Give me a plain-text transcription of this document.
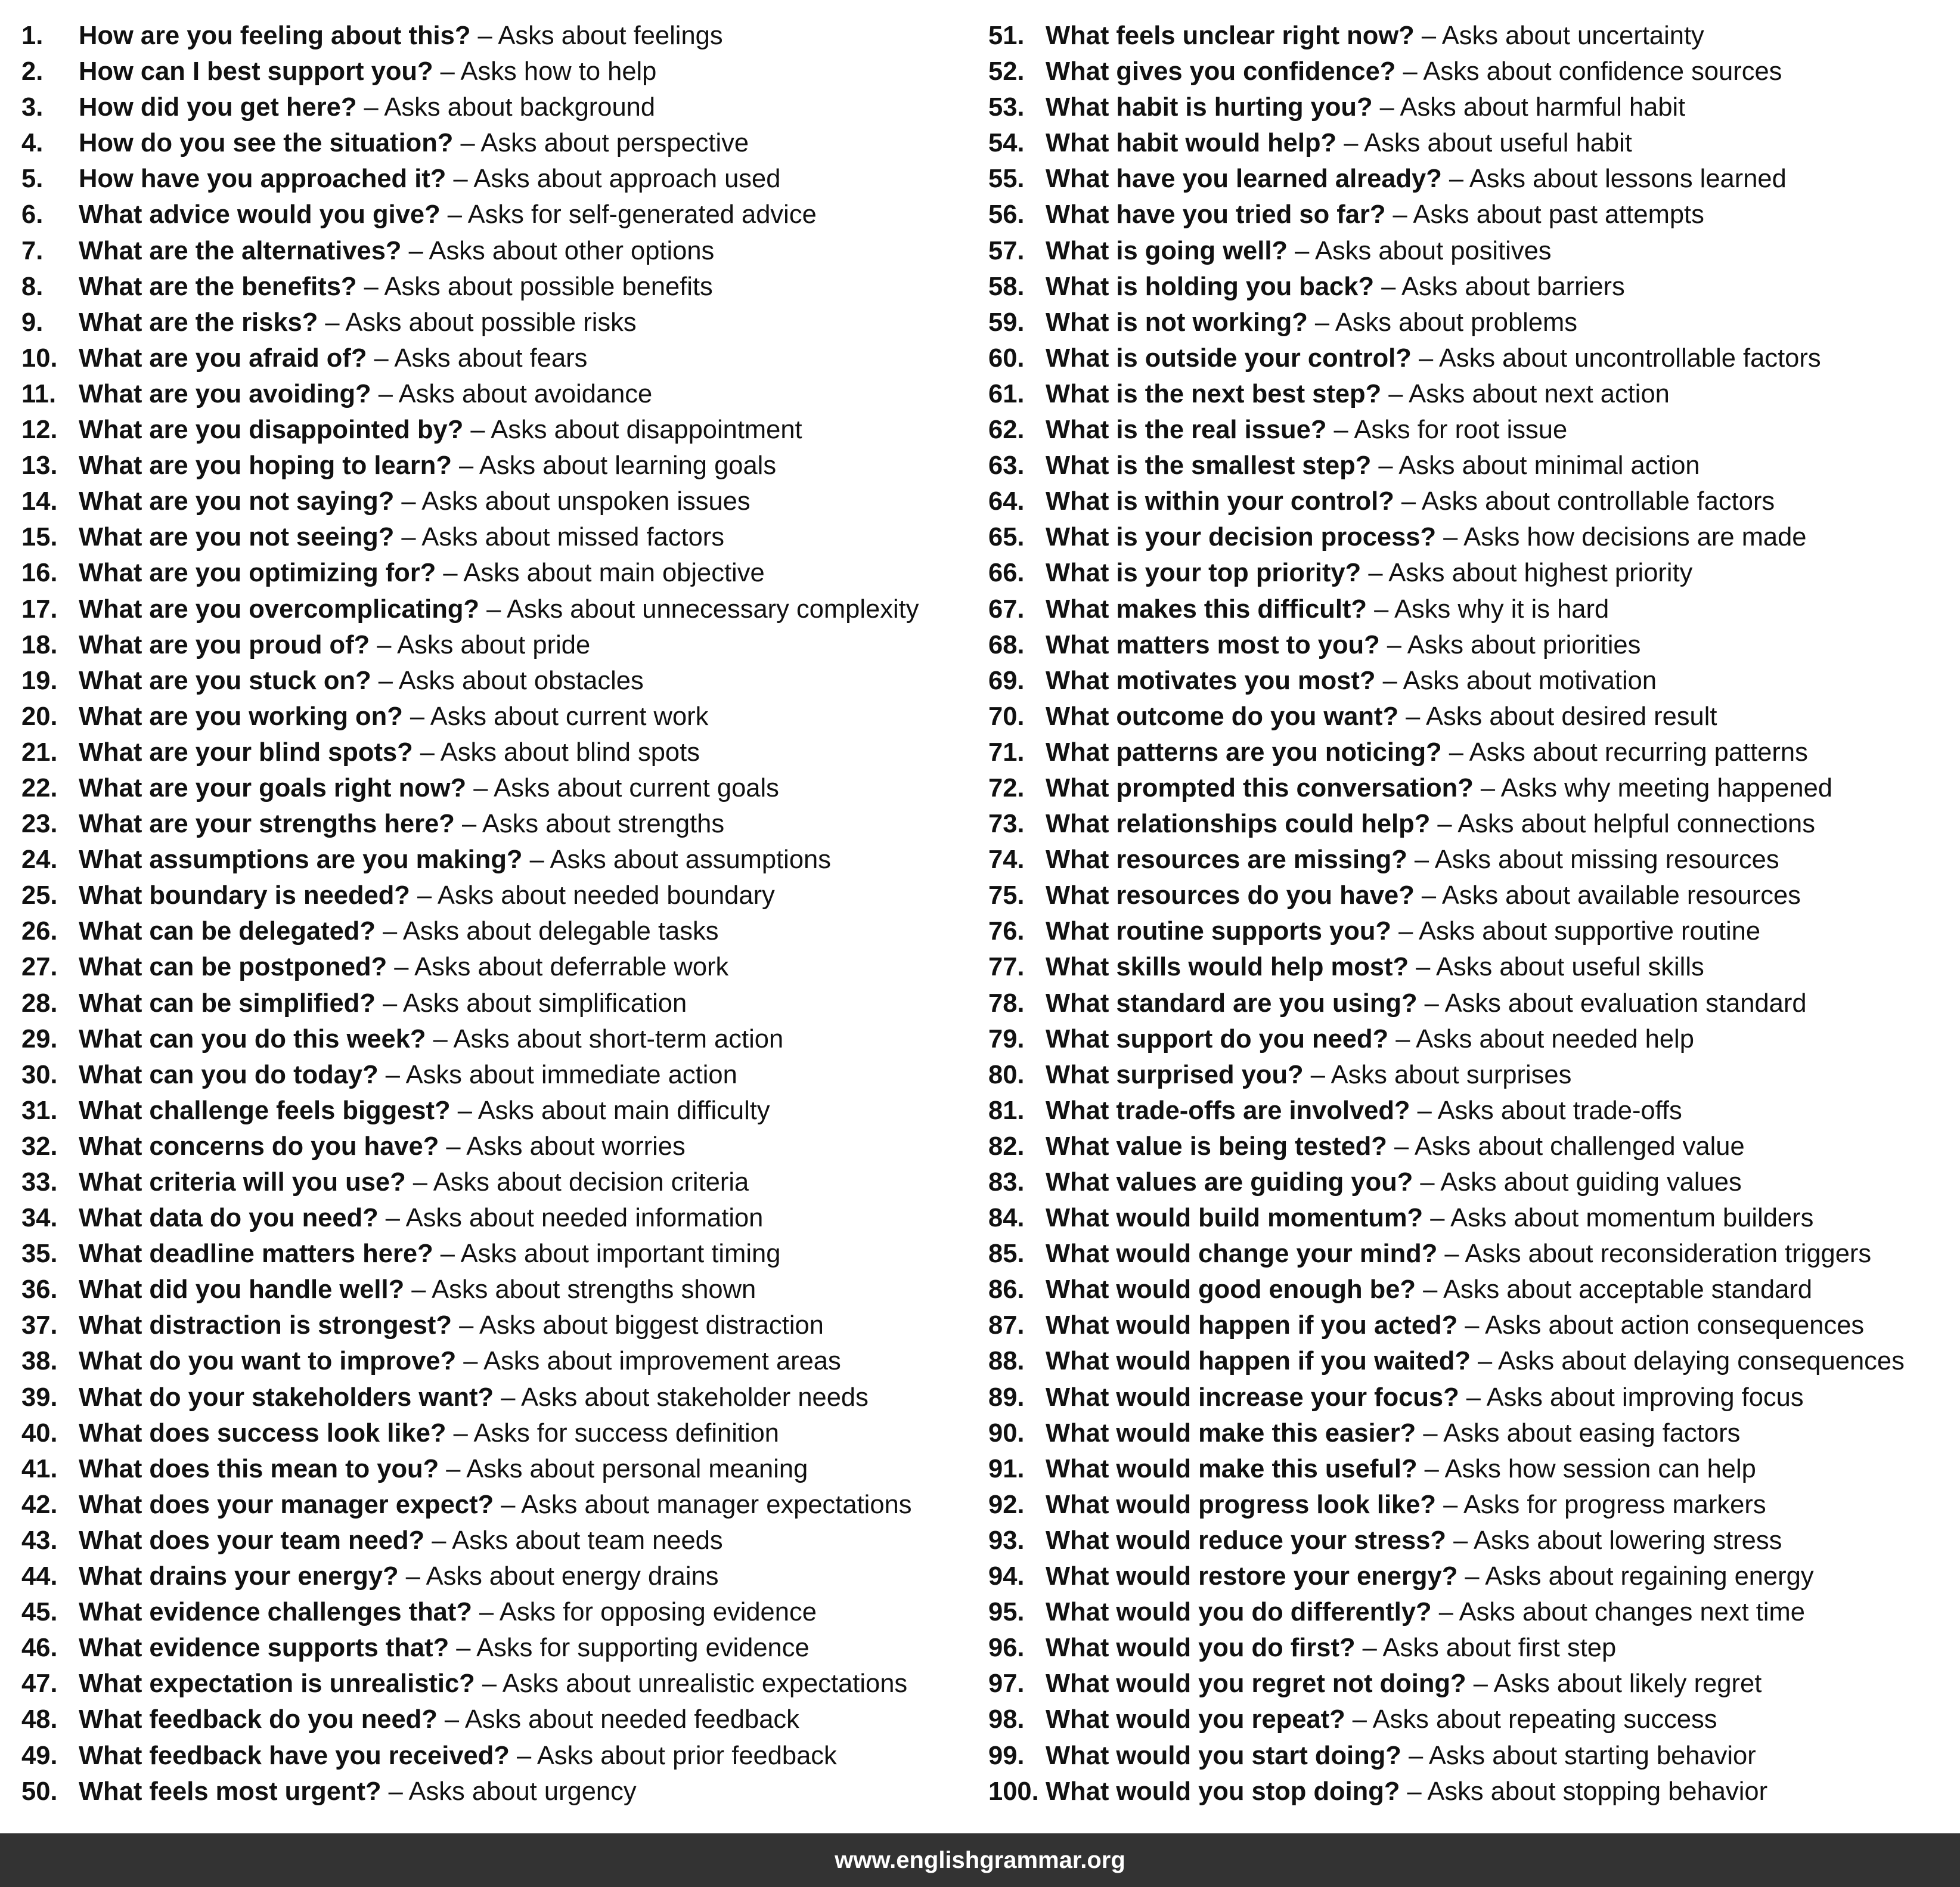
1.	How are you feeling about this? – Asks about feelings
2.	How can I best support you? – Asks how to help
3.	How did you get here? – Asks about background
4.	How do you see the situation? – Asks about perspective
5.	How have you approached it? – Asks about approach used
6.	What advice would you give? – Asks for self-generated advice
7.	What are the alternatives? – Asks about other options
8.	What are the benefits? – Asks about possible benefits
9.	What are the risks? – Asks about possible risks
10. What are you afraid of? – Asks about fears
11. What are you avoiding? – Asks about avoidance
12. What are you disappointed by? – Asks about disappointment
13. What are you hoping to learn? – Asks about learning goals
14. What are you not saying? – Asks about unspoken issues
15. What are you not seeing? – Asks about missed factors
16. What are you optimizing for? – Asks about main objective
17. What are you overcomplicating? – Asks about unnecessary complexity
18. What are you proud of? – Asks about pride
19. What are you stuck on? – Asks about obstacles
20. What are you working on? – Asks about current work
21. What are your blind spots? – Asks about blind spots
22. What are your goals right now? – Asks about current goals
23. What are your strengths here? – Asks about strengths
24. What assumptions are you making? – Asks about assumptions
25. What boundary is needed? – Asks about needed boundary
26. What can be delegated? – Asks about delegable tasks
27. What can be postponed? – Asks about deferrable work
28. What can be simplified? – Asks about simplification
29. What can you do this week? – Asks about short-term action
30. What can you do today? – Asks about immediate action
31. What challenge feels biggest? – Asks about main difficulty
32. What concerns do you have? – Asks about worries
33. What criteria will you use? – Asks about decision criteria
34. What data do you need? – Asks about needed information
35. What deadline matters here? – Asks about important timing
36. What did you handle well? – Asks about strengths shown
37. What distraction is strongest? – Asks about biggest distraction
38. What do you want to improve? – Asks about improvement areas
39. What do your stakeholders want? – Asks about stakeholder needs
40. What does success look like? – Asks for success definition
41. What does this mean to you? – Asks about personal meaning
42. What does your manager expect? – Asks about manager expectations
43. What does your team need? – Asks about team needs
44. What drains your energy? – Asks about energy drains
45. What evidence challenges that? – Asks for opposing evidence
46. What evidence supports that? – Asks for supporting evidence
47. What expectation is unrealistic? – Asks about unrealistic expectations
48. What feedback do you need? – Asks about needed feedback
49. What feedback have you received? – Asks about prior feedback
50. What feels most urgent? – Asks about urgency
51. What feels unclear right now? – Asks about uncertainty
52. What gives you confidence? – Asks about confidence sources
53. What habit is hurting you? – Asks about harmful habit
54. What habit would help? – Asks about useful habit
55. What have you learned already? – Asks about lessons learned
56. What have you tried so far? – Asks about past attempts
57. What is going well? – Asks about positives
58. What is holding you back? – Asks about barriers
59. What is not working? – Asks about problems
60. What is outside your control? – Asks about uncontrollable factors
61. What is the next best step? – Asks about next action
62. What is the real issue? – Asks for root issue
63. What is the smallest step? – Asks about minimal action
64. What is within your control? – Asks about controllable factors
65. What is your decision process? – Asks how decisions are made
66. What is your top priority? – Asks about highest priority
67. What makes this difficult? – Asks why it is hard
68. What matters most to you? – Asks about priorities
69. What motivates you most? – Asks about motivation
70. What outcome do you want? – Asks about desired result
71. What patterns are you noticing? – Asks about recurring patterns
72. What prompted this conversation? – Asks why meeting happened
73. What relationships could help? – Asks about helpful connections
74. What resources are missing? – Asks about missing resources
75. What resources do you have? – Asks about available resources
76. What routine supports you? – Asks about supportive routine
77. What skills would help most? – Asks about useful skills
78. What standard are you using? – Asks about evaluation standard
79. What support do you need? – Asks about needed help
80. What surprised you? – Asks about surprises
81. What trade-offs are involved? – Asks about trade-offs
82. What value is being tested? – Asks about challenged value
83. What values are guiding you? – Asks about guiding values
84. What would build momentum? – Asks about momentum builders
85. What would change your mind? – Asks about reconsideration triggers
86. What would good enough be? – Asks about acceptable standard
87. What would happen if you acted? – Asks about action consequences
88. What would happen if you waited? – Asks about delaying consequences
89. What would increase your focus? – Asks about improving focus
90. What would make this easier? – Asks about easing factors
91. What would make this useful? – Asks how session can help
92. What would progress look like? – Asks for progress markers
93. What would reduce your stress? – Asks about lowering stress
94. What would restore your energy? – Asks about regaining energy
95. What would you do differently? – Asks about changes next time
96. What would you do first? – Asks about first step
97. What would you regret not doing? – Asks about likely regret
98. What would you repeat? – Asks about repeating success
99. What would you start doing? – Asks about starting behavior
100. What would you stop doing? – Asks about stopping behavior
www.englishgrammar.org
